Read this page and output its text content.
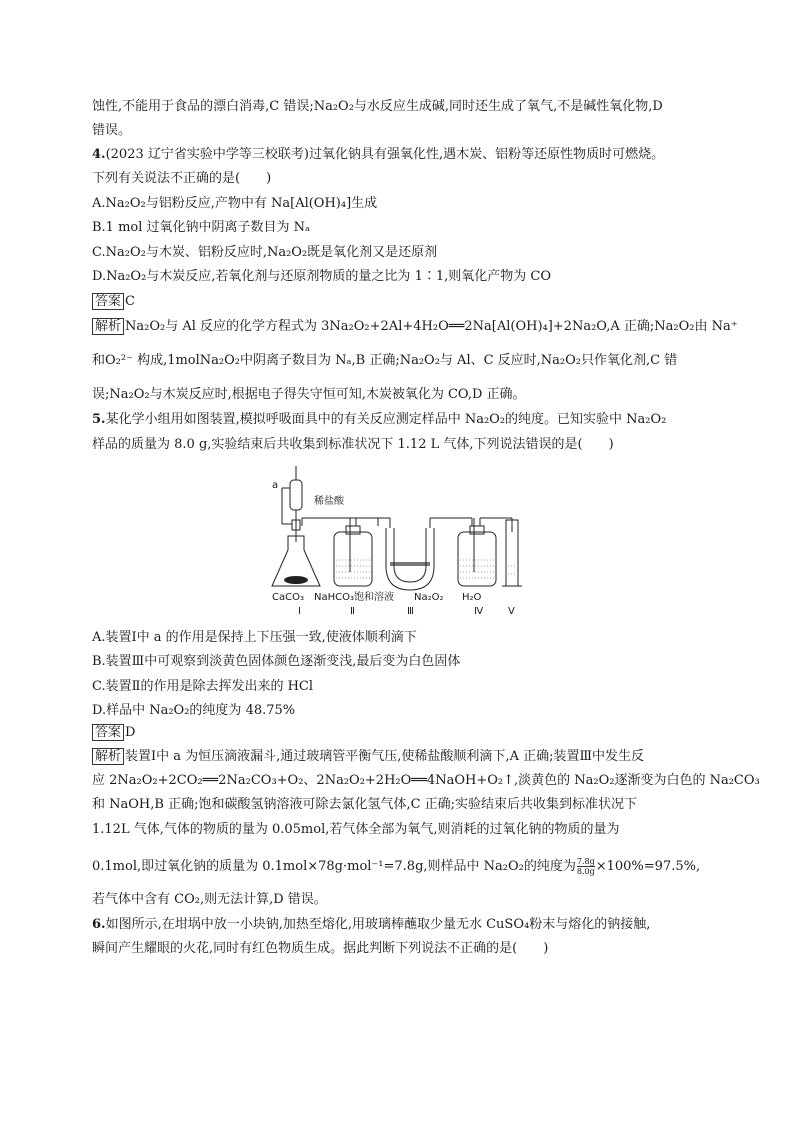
蚀性,不能用于食品的漂白消毒,C 错误;Na₂O₂与水反应生成碱,同时还生成了氧气,不是碱性氧化物,D
错误。
4.(2023 辽宁省实验中学等三校联考)过氧化钠具有强氧化性,遇木炭、铝粉等还原性物质时可燃烧。
下列有关说法不正确的是(　　)
A.Na₂O₂与铝粉反应,产物中有 Na[Al(OH)₄]生成
B.1 mol 过氧化钠中阴离子数目为 Nₐ
C.Na₂O₂与木炭、铝粉反应时,Na₂O₂既是氧化剂又是还原剂
D.Na₂O₂与木炭反应,若氧化剂与还原剂物质的量之比为 1∶1,则氧化产物为 CO
答案 C
解析 Na₂O₂与 Al 反应的化学方程式为 3Na₂O₂+2Al+4H₂O══2Na[Al(OH)₄]+2Na₂O,A 正确;Na₂O₂由 Na⁺
和O₂²⁻ 构成,1molNa₂O₂中阴离子数目为 Nₐ,B 正确;Na₂O₂与 Al、C 反应时,Na₂O₂只作氧化剂,C 错
误;Na₂O₂与木炭反应时,根据电子得失守恒可知,木炭被氧化为 CO,D 正确。
5.某化学小组用如图装置,模拟呼吸面具中的有关反应测定样品中 Na₂O₂的纯度。已知实验中 Na₂O₂
样品的质量为 8.0 g,实验结束后共收集到标准状况下 1.12 L 气体,下列说法错误的是(　　)
a
稀盐酸
CaCO₃ NaHCO₃饱和溶液 Na₂O₂ H₂O
Ⅰ	Ⅱ	Ⅲ	Ⅳ Ⅴ
A.装置Ⅰ中 a 的作用是保持上下压强一致,使液体顺利滴下
B.装置Ⅲ中可观察到淡黄色固体颜色逐渐变浅,最后变为白色固体
C.装置Ⅱ的作用是除去挥发出来的 HCl
D.样品中 Na₂O₂的纯度为 48.75%
答案 D
解析 装置Ⅰ中 a 为恒压滴液漏斗,通过玻璃管平衡气压,使稀盐酸顺利滴下,A 正确;装置Ⅲ中发生反
应 2Na₂O₂+2CO₂══2Na₂CO₃+O₂、2Na₂O₂+2H₂O══4NaOH+O₂↑,淡黄色的 Na₂O₂逐渐变为白色的 Na₂CO₃
和 NaOH,B 正确;饱和碳酸氢钠溶液可除去氯化氢气体,C 正确;实验结束后共收集到标准状况下
1.12L 气体,气体的物质的量为 0.05mol,若气体全部为氧气,则消耗的过氧化钠的物质的量为
0.1mol,即过氧化钠的质量为 0.1mol×78g·mol⁻¹=7.8g,则样品中 Na₂O₂的纯度为 $\frac{7.8g}{8.0g} \times 100\%=97.5\%$,
若气体中含有 CO₂,则无法计算,D 错误。
6.如图所示,在坩埚中放一小块钠,加热至熔化,用玻璃棒蘸取少量无水 CuSO₄粉末与熔化的钠接触,
瞬间产生耀眼的火花,同时有红色物质生成。据此判断下列说法不正确的是(　　)
